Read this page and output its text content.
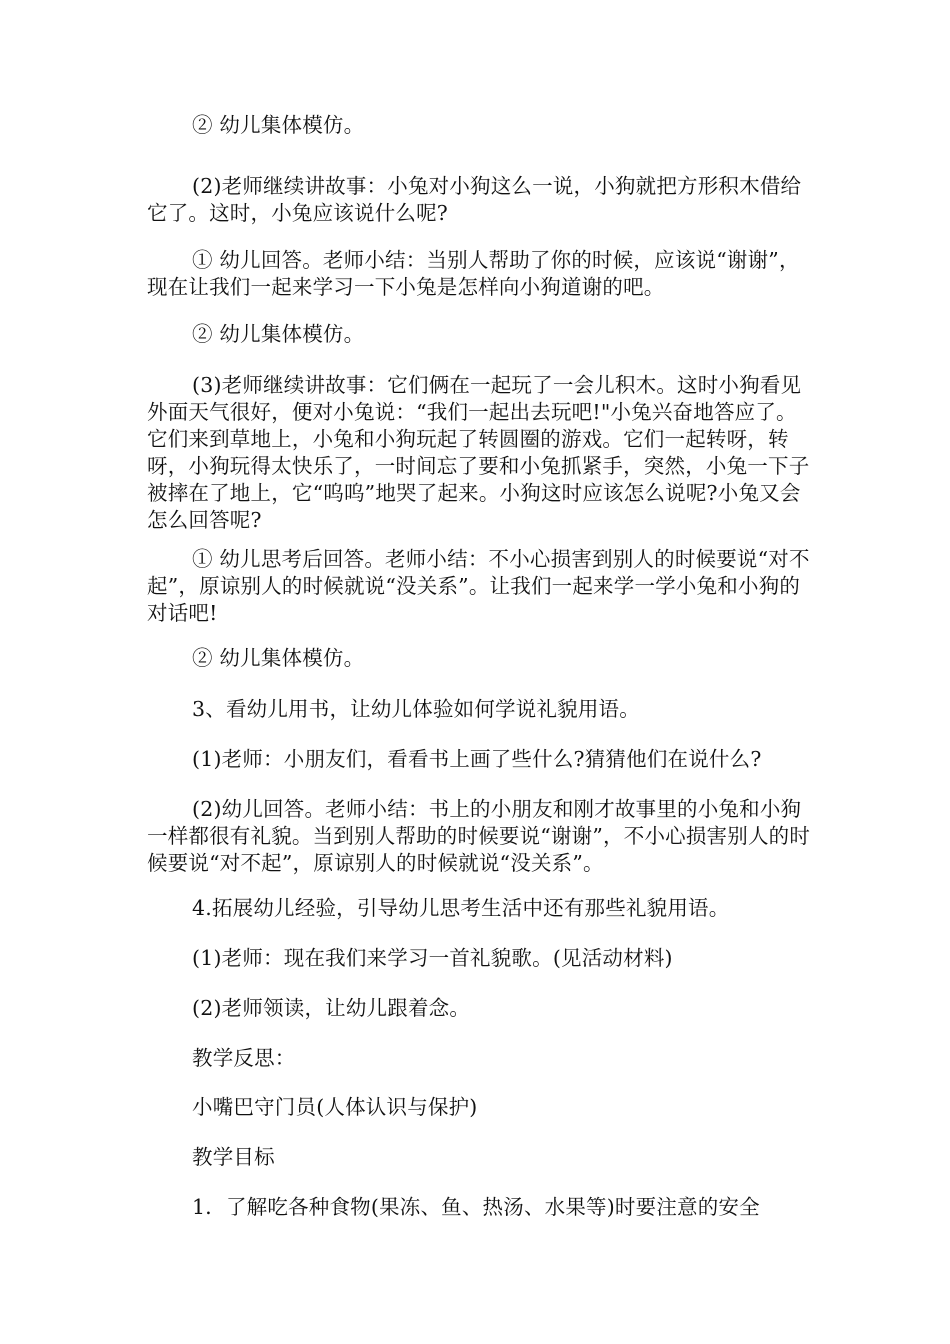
② 幼儿集体模仿。

(2)老师继续讲故事：小兔对小狗这么一说，小狗就把方形积木借给它了。这时，小兔应该说什么呢?

① 幼儿回答。老师小结：当别人帮助了你的时候，应该说“谢谢”，现在让我们一起来学习一下小兔是怎样向小狗道谢的吧。

② 幼儿集体模仿。

(3)老师继续讲故事：它们俩在一起玩了一会儿积木。这时小狗看见外面天气很好，便对小兔说：“我们一起出去玩吧!"小兔兴奋地答应了。它们来到草地上，小兔和小狗玩起了转圆圈的游戏。它们一起转呀，转呀，小狗玩得太快乐了，一时间忘了要和小兔抓紧手，突然，小兔一下子被摔在了地上，它“呜呜”地哭了起来。小狗这时应该怎么说呢?小兔又会怎么回答呢?

① 幼儿思考后回答。老师小结：不小心损害到别人的时候要说“对不起”，原谅别人的时候就说“没关系”。让我们一起来学一学小兔和小狗的对话吧!

② 幼儿集体模仿。

3、看幼儿用书，让幼儿体验如何学说礼貌用语。

(1)老师：小朋友们，看看书上画了些什么?猜猜他们在说什么?

(2)幼儿回答。老师小结：书上的小朋友和刚才故事里的小兔和小狗一样都很有礼貌。当到别人帮助的时候要说“谢谢”，不小心损害别人的时候要说“对不起”，原谅别人的时候就说“没关系”。

4.拓展幼儿经验，引导幼儿思考生活中还有那些礼貌用语。

(1)老师：现在我们来学习一首礼貌歌。(见活动材料)

(2)老师领读，让幼儿跟着念。

教学反思：

小嘴巴守门员(人体认识与保护)

教学目标

1．了解吃各种食物(果冻、鱼、热汤、水果等)时要注意的安全
